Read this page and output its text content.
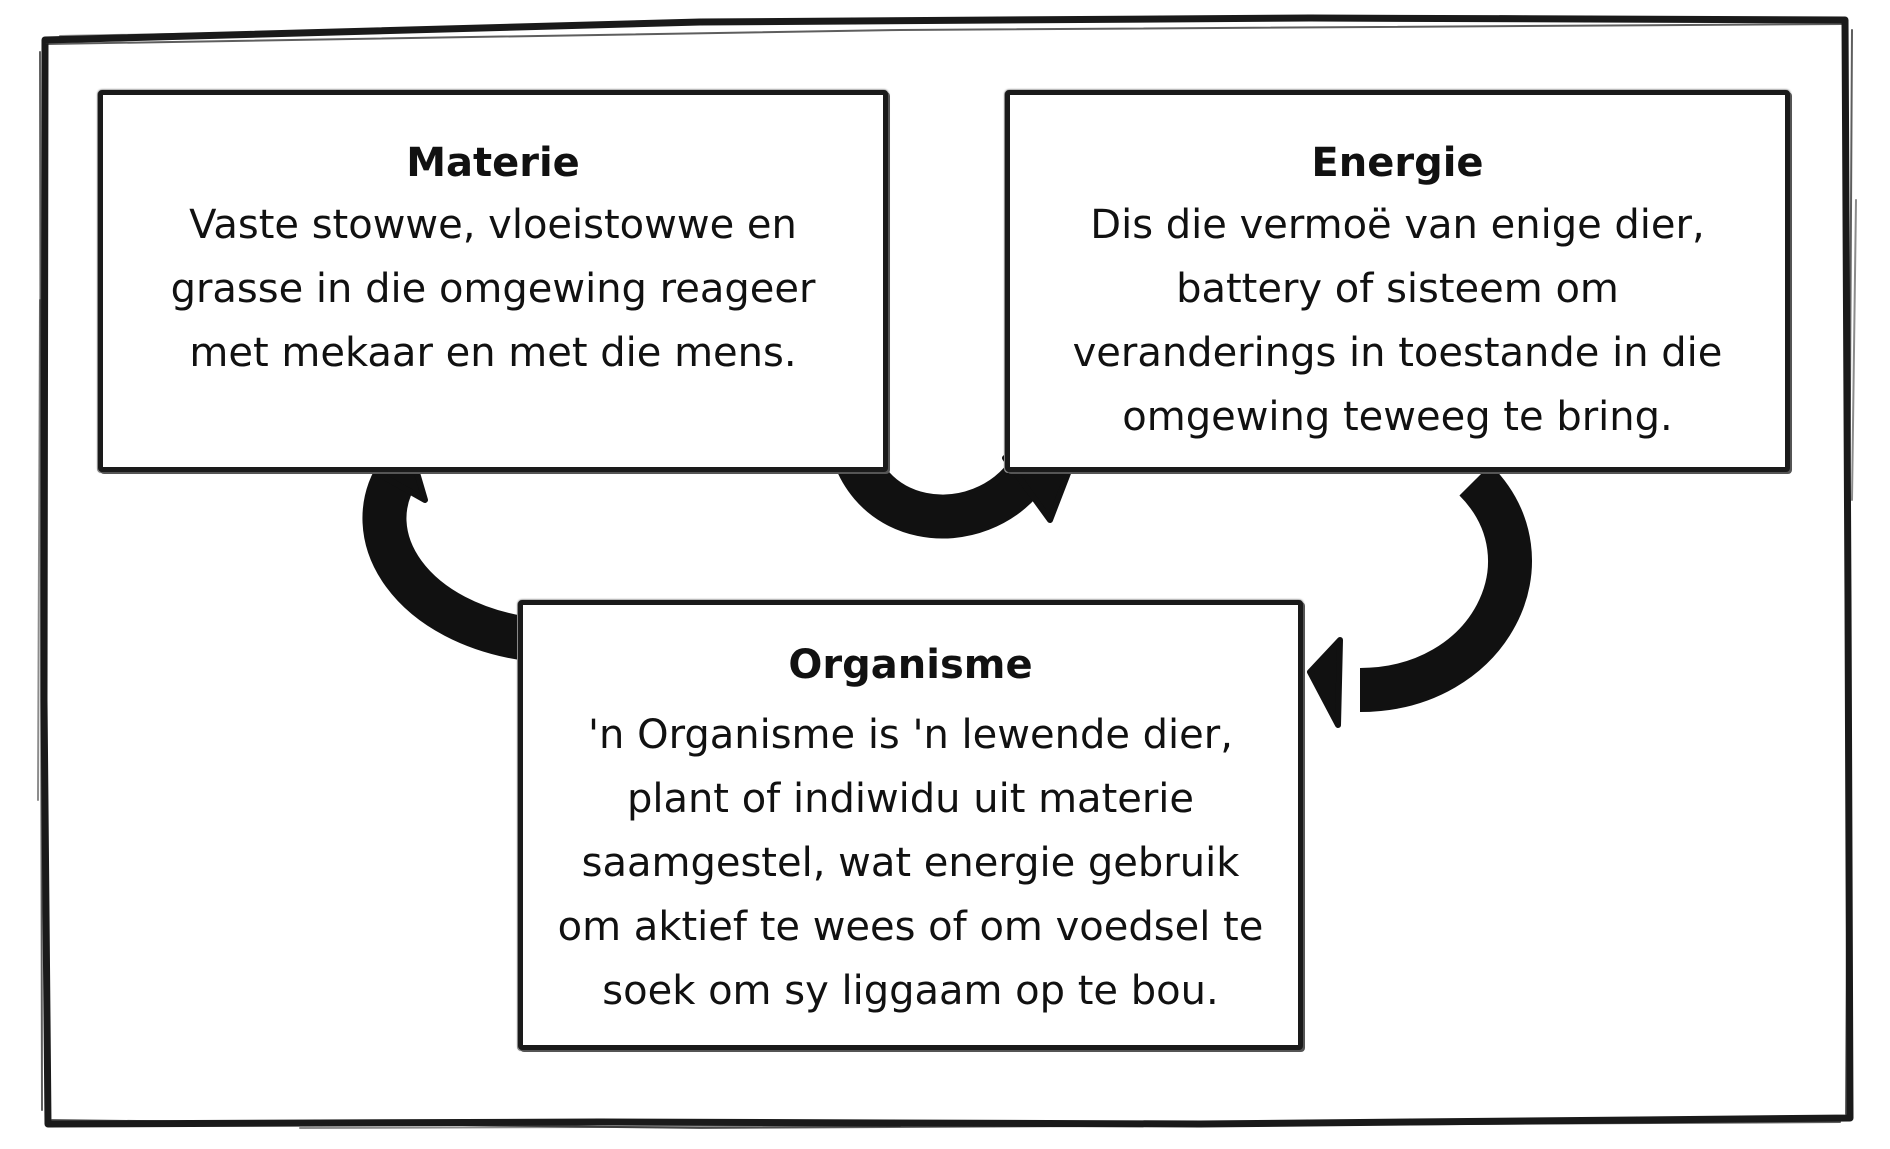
Materie
Vaste stowwe, vloeistowwe en
grasse in die omgewing reageer
met mekaar en met die mens.
Energie
Dis die vermoë van enige dier,
battery of sisteem om
veranderings in toestande in die
omgewing teweeg te bring.
Organisme
'n Organisme is 'n lewende dier,
plant of indiwidu uit materie
saamgestel, wat energie gebruik
om aktief te wees of om voedsel te
soek om sy liggaam op te bou.
